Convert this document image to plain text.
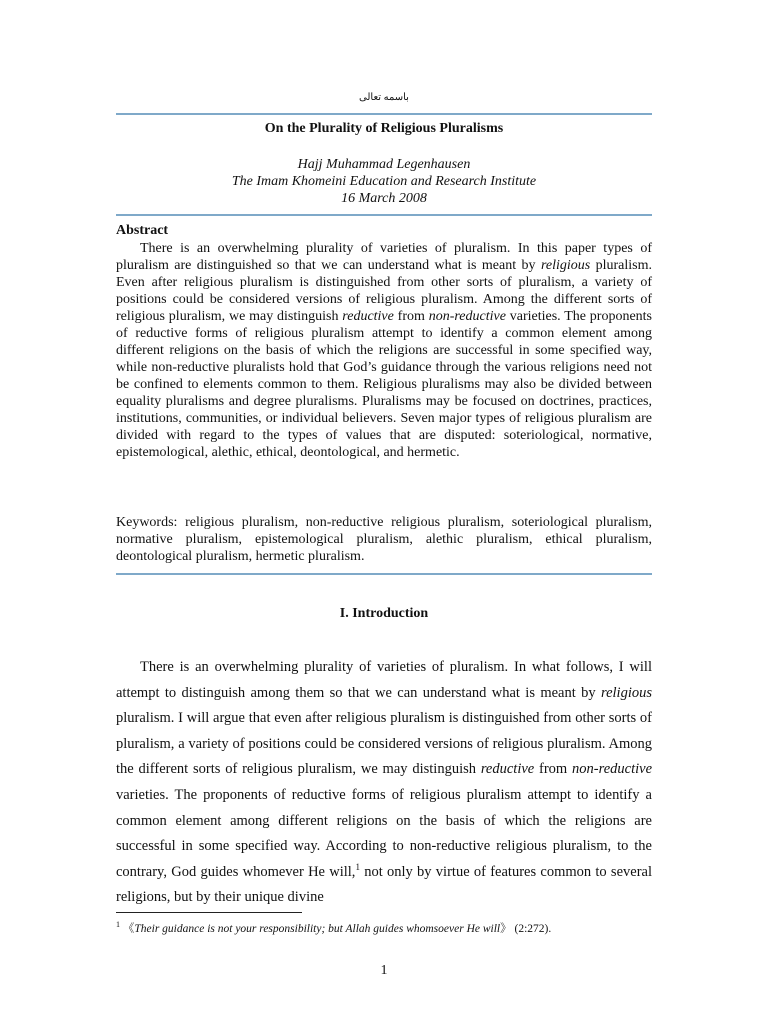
باسمه تعالی
On the Plurality of Religious Pluralisms
Hajj Muhammad Legenhausen
The Imam Khomeini Education and Research Institute
16 March 2008
Abstract

There is an overwhelming plurality of varieties of pluralism. In this paper types of pluralism are distinguished so that we can understand what is meant by religious pluralism. Even after religious pluralism is distinguished from other sorts of pluralism, a variety of positions could be considered versions of religious pluralism. Among the different sorts of religious pluralism, we may distinguish reductive from non-reductive varieties. The proponents of reductive forms of religious pluralism attempt to identify a common element among different religions on the basis of which the religions are successful in some specified way, while non-reductive pluralists hold that God’s guidance through the various religions need not be confined to elements common to them. Religious pluralisms may also be divided between equality pluralisms and degree pluralisms. Pluralisms may be focused on doctrines, practices, institutions, communities, or individual believers. Seven major types of religious pluralism are divided with regard to the types of values that are disputed: soteriological, normative, epistemological, alethic, ethical, deontological, and hermetic.

Keywords: religious pluralism, non-reductive religious pluralism, soteriological pluralism, normative pluralism, epistemological pluralism, alethic pluralism, ethical pluralism, deontological pluralism, hermetic pluralism.

I. Introduction

There is an overwhelming plurality of varieties of pluralism. In what follows, I will attempt to distinguish among them so that we can understand what is meant by religious pluralism. I will argue that even after religious pluralism is distinguished from other sorts of pluralism, a variety of positions could be considered versions of religious pluralism. Among the different sorts of religious pluralism, we may distinguish reductive from non-reductive varieties. The proponents of reductive forms of religious pluralism attempt to identify a common element among different religions on the basis of which the religions are successful in some specified way. According to non-reductive religious pluralism, to the contrary, God guides whomever He will,$^1$ not only by virtue of features common to several religions, but by their unique divine

$^1$ 《Their guidance is not your responsibility; but Allah guides whomsoever He will》 (2:272).
1
